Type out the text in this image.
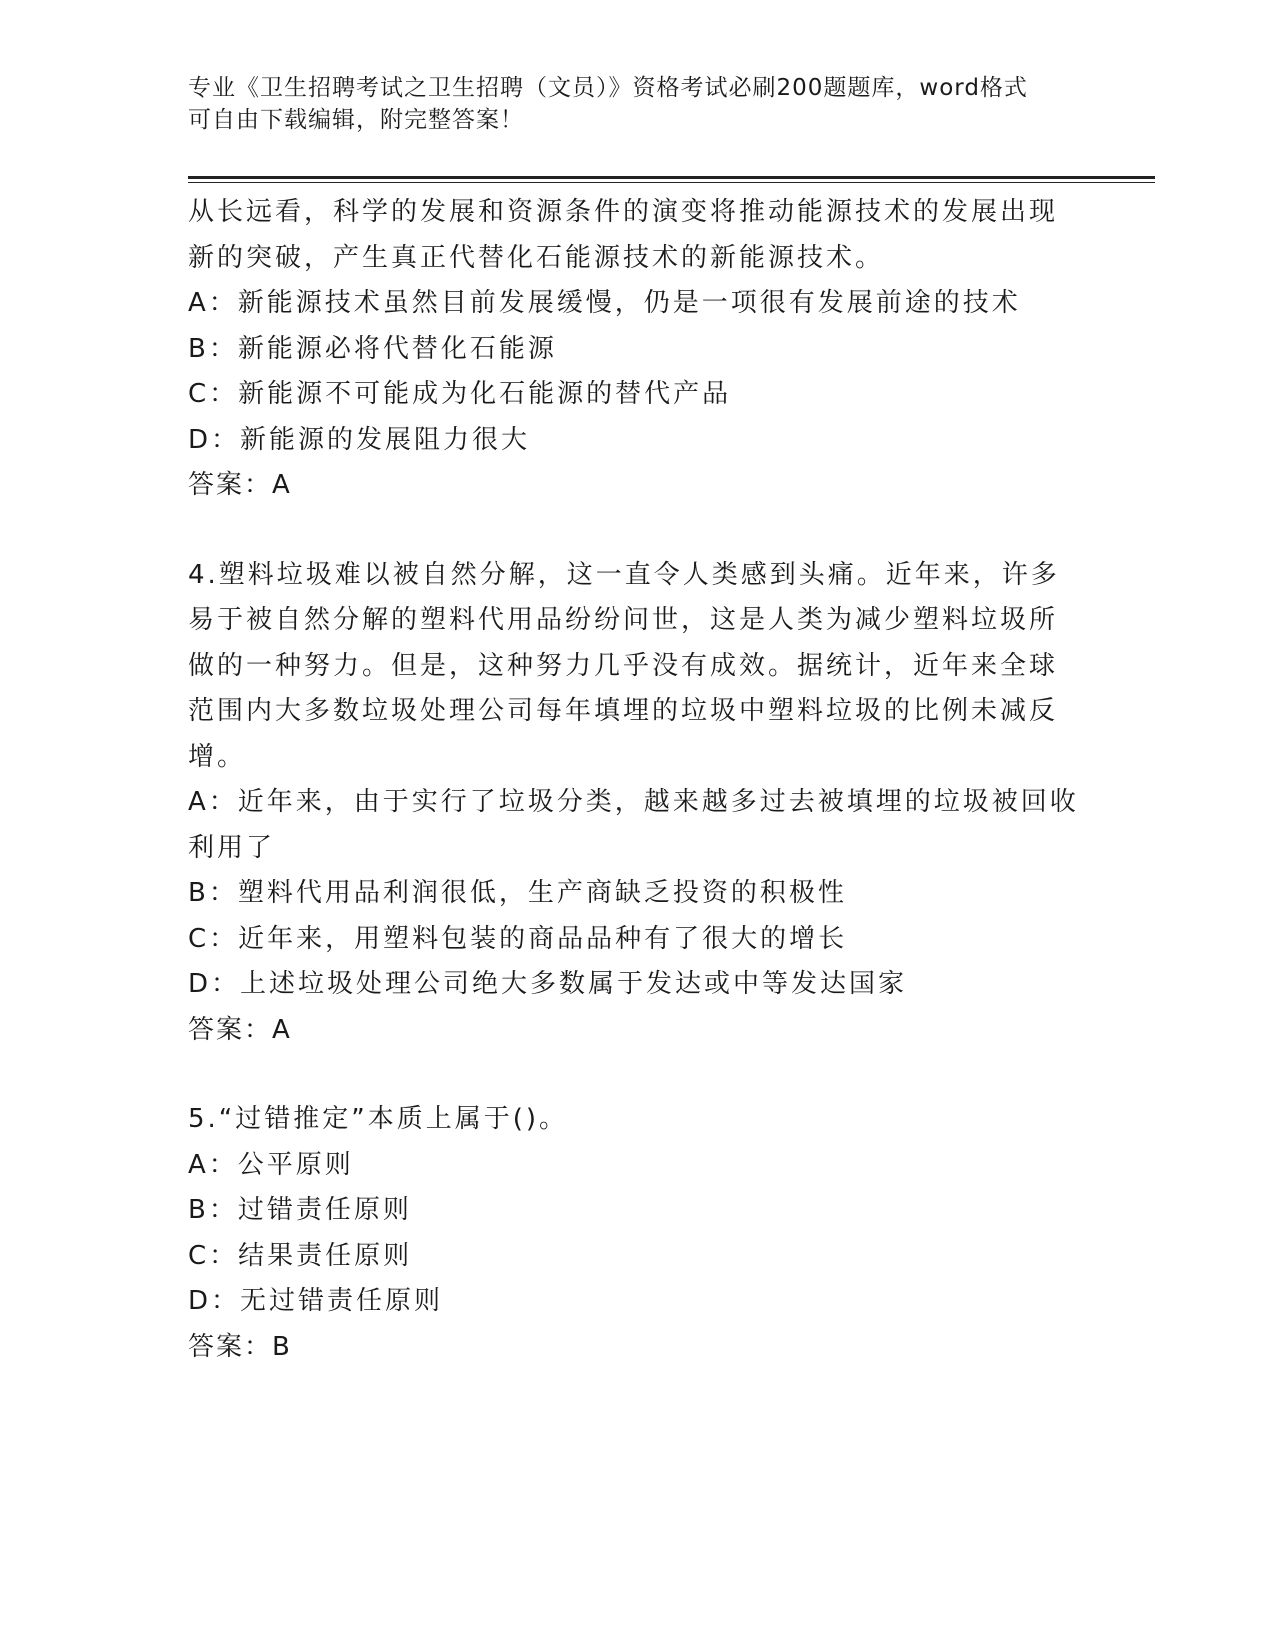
专业《卫生招聘考试之卫生招聘（文员）》资格考试必刷200题题库，word格式
可自由下载编辑，附完整答案！

从长远看，科学的发展和资源条件的演变将推动能源技术的发展出现

新的突破，产生真正代替化石能源技术的新能源技术。

A：新能源技术虽然目前发展缓慢，仍是一项很有发展前途的技术

B：新能源必将代替化石能源

C：新能源不可能成为化石能源的替代产品

D：新能源的发展阻力很大

答案：A

4.塑料垃圾难以被自然分解，这一直令人类感到头痛。近年来，许多

易于被自然分解的塑料代用品纷纷问世，这是人类为减少塑料垃圾所

做的一种努力。但是，这种努力几乎没有成效。据统计，近年来全球

范围内大多数垃圾处理公司每年填埋的垃圾中塑料垃圾的比例未减反

增。

A：近年来，由于实行了垃圾分类，越来越多过去被填埋的垃圾被回收

利用了

B：塑料代用品利润很低，生产商缺乏投资的积极性

C：近年来，用塑料包装的商品品种有了很大的增长

D：上述垃圾处理公司绝大多数属于发达或中等发达国家

答案：A

5.“过错推定”本质上属于()。

A：公平原则

B：过错责任原则

C：结果责任原则

D：无过错责任原则

答案：B
